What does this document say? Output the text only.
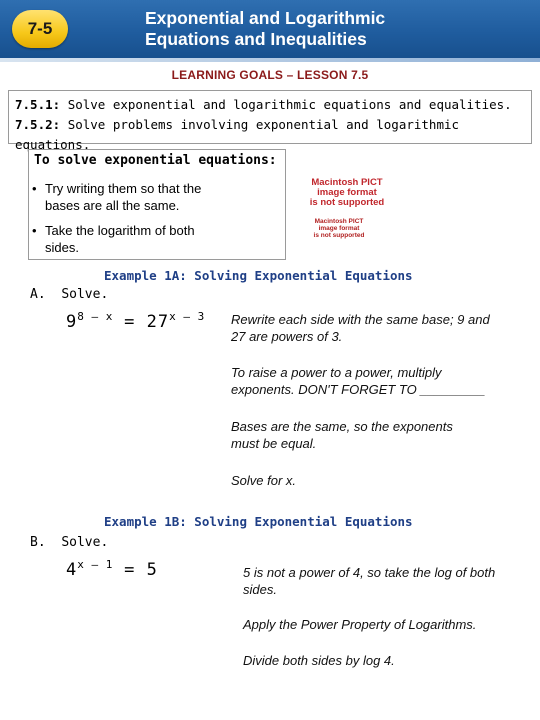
7-5
Exponential and Logarithmic
Equations and Inequalities
LEARNING GOALS – LESSON 7.5
7.5.1: Solve exponential and logarithmic equations and equalities.
7.5.2: Solve problems involving exponential and logarithmic equations.
To solve exponential equations:
• Try writing them so that the
bases are all the same.
• Take the logarithm of both
sides.
Macintosh PICT
image format
is not supported
Macintosh PICT
image format
is not supported
Example 1A: Solving Exponential Equations
A. Solve.
$9^{8 - x} = 27^{x - 3}$ Rewrite each side with the same base; 9 and
27 are powers of 3.
To raise a power to a power, multiply
exponents. DON'T FORGET TO _________
Bases are the same, so the exponents
must be equal.
Solve for x.
Example 1B: Solving Exponential Equations
B. Solve.
$4^{x - 1} = 5$	5 is not a power of 4, so take the log of both
sides.
Apply the Power Property of Logarithms.
Divide both sides by log 4.
